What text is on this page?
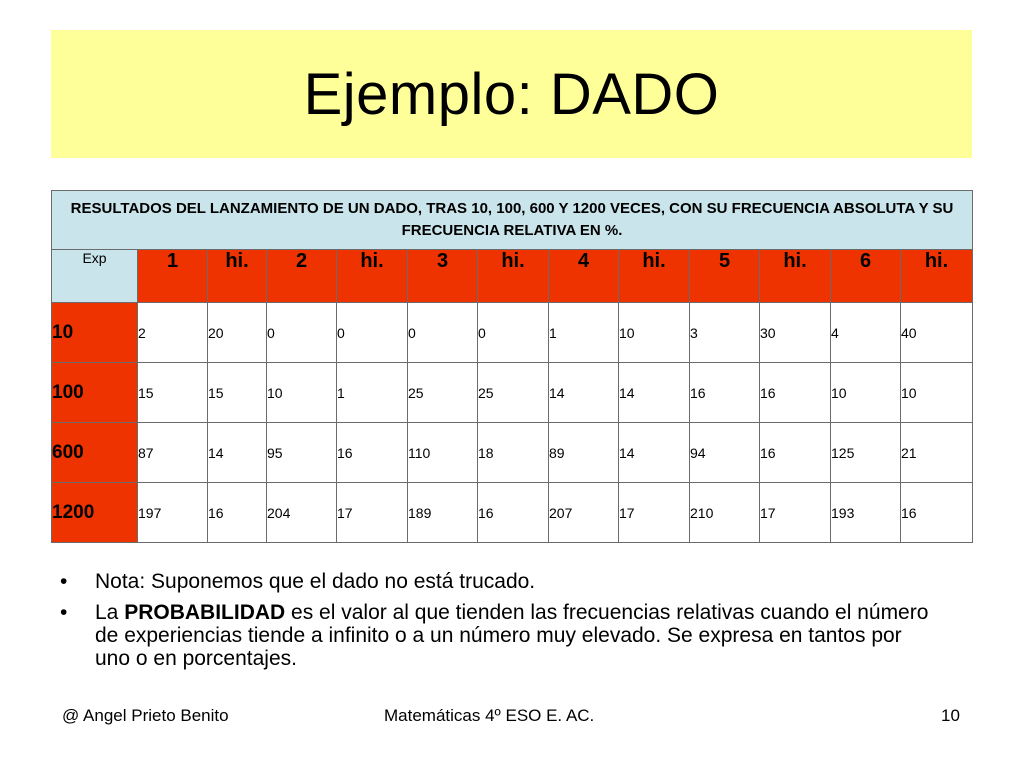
Ejemplo: DADO
RESULTADOS DEL LANZAMIENTO DE UN DADO, TRAS 10, 100, 600 Y 1200 VECES, CON SU FRECUENCIA ABSOLUTA Y SU FRECUENCIA RELATIVA EN %.												
Exp	1	hi.	2	hi.	3	hi.	4	hi.	5	hi.	6	hi.
10	2	20	0	0	0	0	1	10	3	30	4	40
100	15	15	10	1	25	25	14	14	16	16	10	10
600	87	14	95	16	110	18	89	14	94	16	125	21
1200	197	16	204	17	189	16	207	17	210	17	193	16
• Nota: Suponemos que el dado no está trucado.
• La PROBABILIDAD es el valor al que tienden las frecuencias relativas cuando el número de experiencias tiende a infinito o a un número muy elevado. Se expresa en tantos por uno o en porcentajes.
@ Angel Prieto Benito	Matemáticas 4º ESO E. AC.	10
